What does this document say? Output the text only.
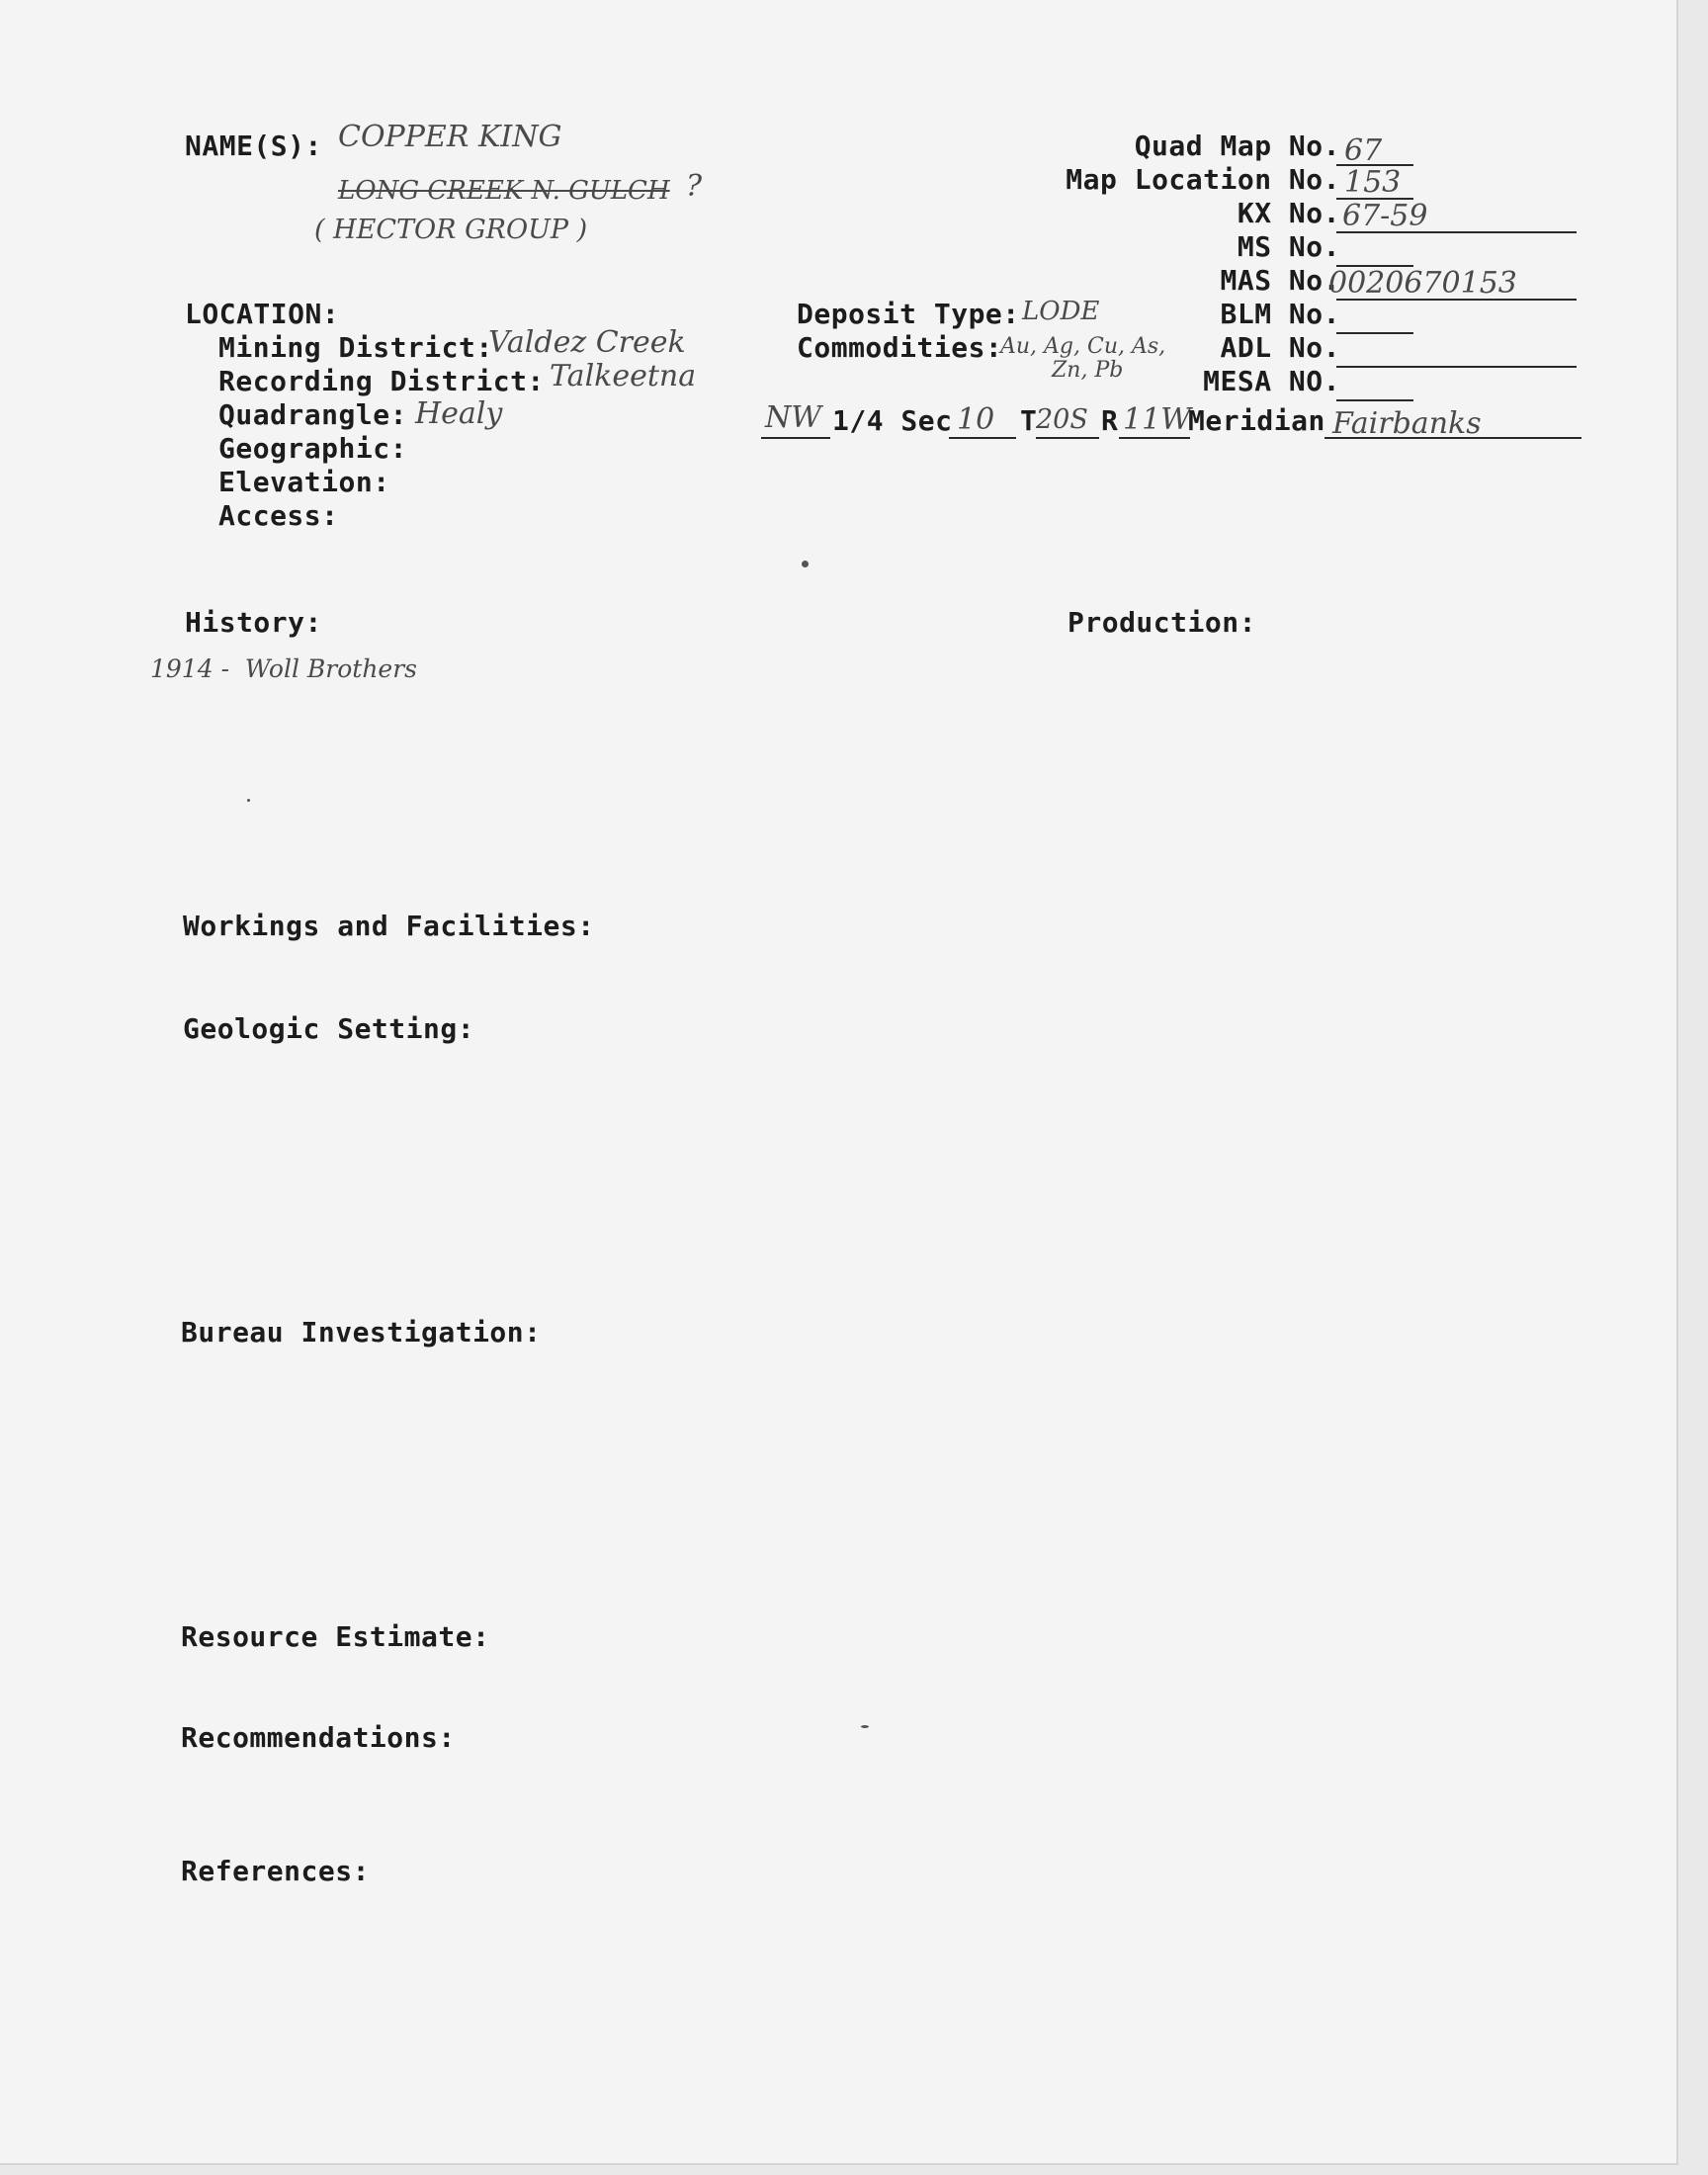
NAME(S): COPPER KING
LONG CREEK N. GULCH ?
( HECTOR GROUP )
Quad Map No. 67
Map Location No. 153
KX No. 67-59
MS No.
MAS No.
0020670153
BLM No.
ADL No.
MESA NO.
LOCATION:
Mining District:
Valdez Creek
Recording District: Talkeetna
Quadrangle: Healy
Geographic:
Elevation:
Access:
Deposit Type: LODE
Commodities:
Au, Ag, Cu, As,
Zn, Pb
NW 1/4 Sec 10 T
20S R 11W
Meridian Fairbanks
History:
1914 -  Woll Brothers
Production:
Workings and Facilities:
Geologic Setting:
Bureau Investigation:
Resource Estimate:
Recommendations:
References:
